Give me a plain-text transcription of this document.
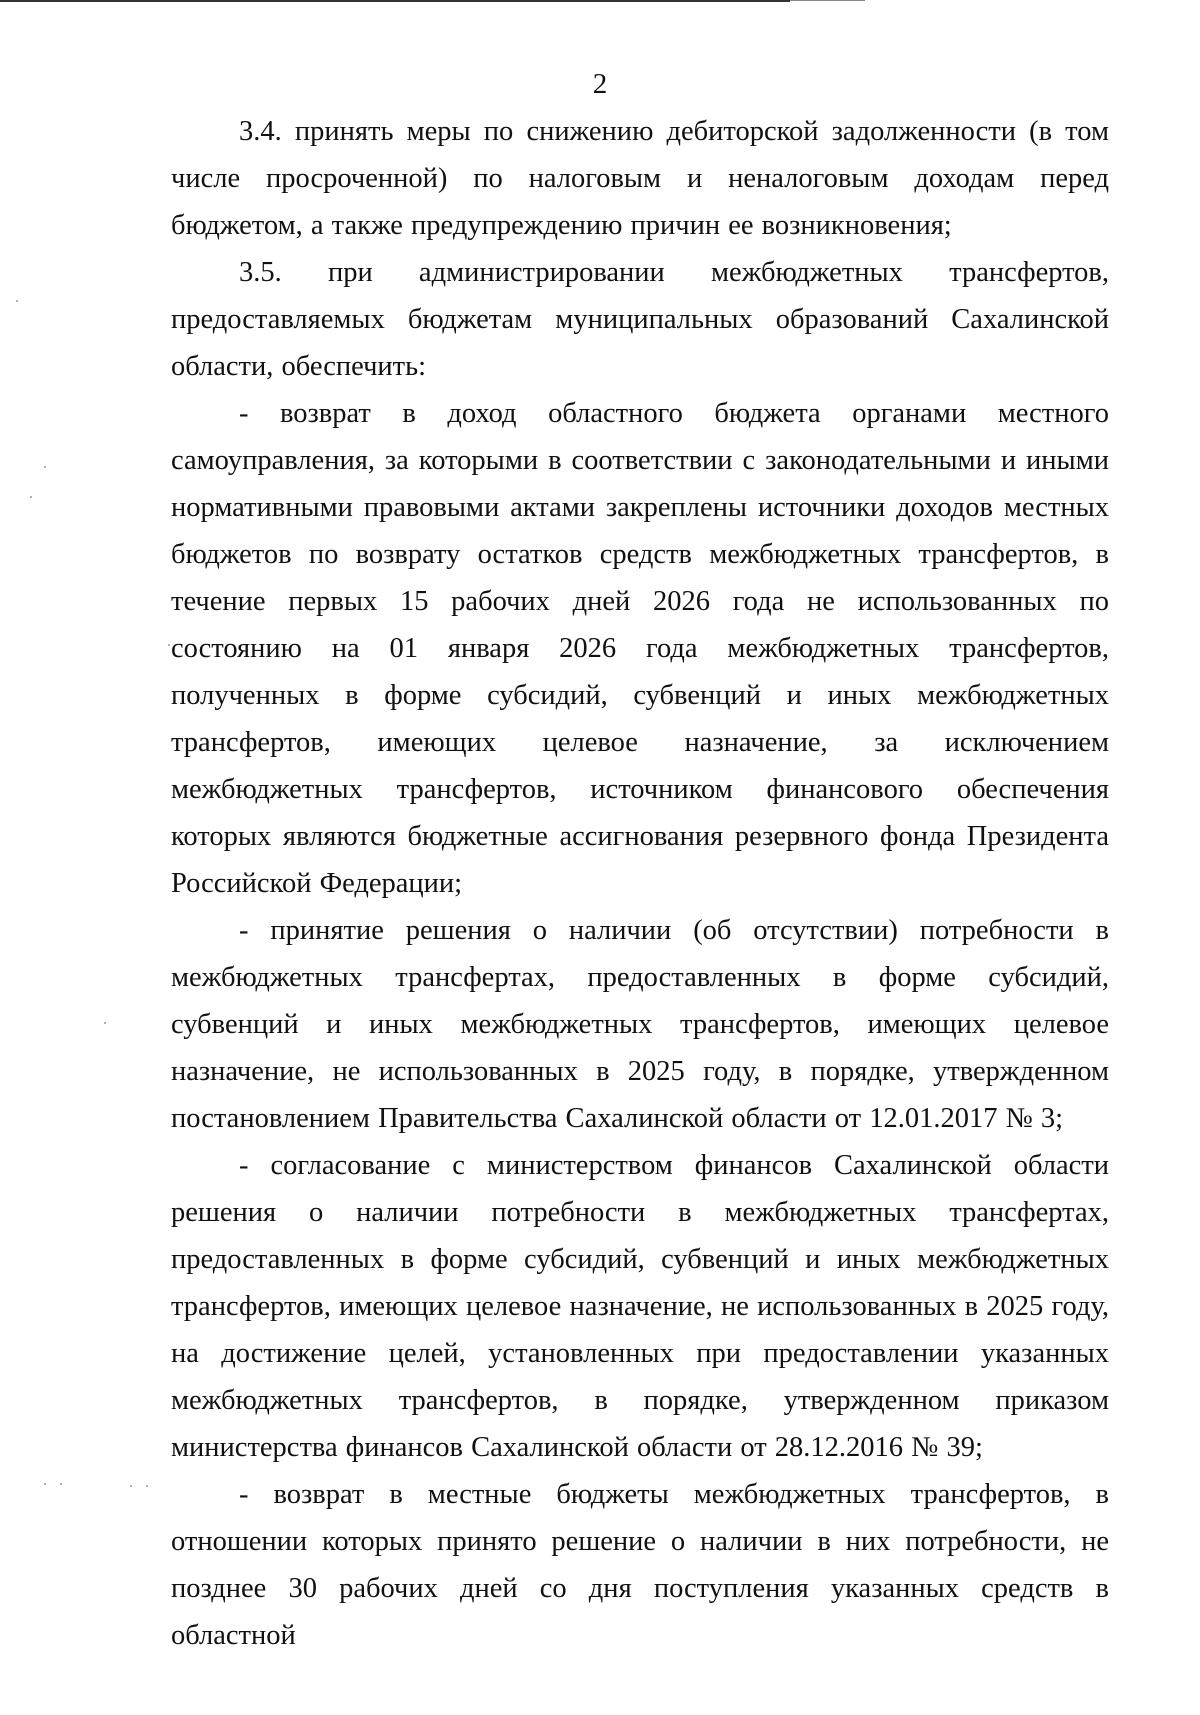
2

3.4. принять меры по снижению дебиторской задолженности (в том числе просроченной) по налоговым и неналоговым доходам перед бюджетом, а также предупреждению причин ее возникновения;

3.5. при администрировании межбюджетных трансфертов, предоставляемых бюджетам муниципальных образований Сахалинской области, обеспечить:

- возврат в доход областного бюджета органами местного самоуправления, за которыми в соответствии с законодательными и иными нормативными правовыми актами закреплены источники доходов местных бюджетов по возврату остатков средств межбюджетных трансфертов, в течение первых 15 рабочих дней 2026 года не использованных по состоянию на 01 января 2026 года межбюджетных трансфертов, полученных в форме субсидий, субвенций и иных межбюджетных трансфертов, имеющих целевое назначение, за исключением межбюджетных трансфертов, источником финансового обеспечения которых являются бюджетные ассигнования резервного фонда Президента Российской Федерации;

- принятие решения о наличии (об отсутствии) потребности в межбюджетных трансфертах, предоставленных в форме субсидий, субвенций и иных межбюджетных трансфертов, имеющих целевое назначение, не использованных в 2025 году, в порядке, утвержденном постановлением Правительства Сахалинской области от 12.01.2017 № 3;

- согласование с министерством финансов Сахалинской области решения о наличии потребности в межбюджетных трансфертах, предоставленных в форме субсидий, субвенций и иных межбюджетных трансфертов, имеющих целевое назначение, не использованных в 2025 году, на достижение целей, установленных при предоставлении указанных межбюджетных трансфертов, в порядке, утвержденном приказом министерства финансов Сахалинской области от 28.12.2016 № 39;

- возврат в местные бюджеты межбюджетных трансфертов, в отношении которых принято решение о наличии в них потребности, не позднее 30 рабочих дней со дня поступления указанных средств в областной
